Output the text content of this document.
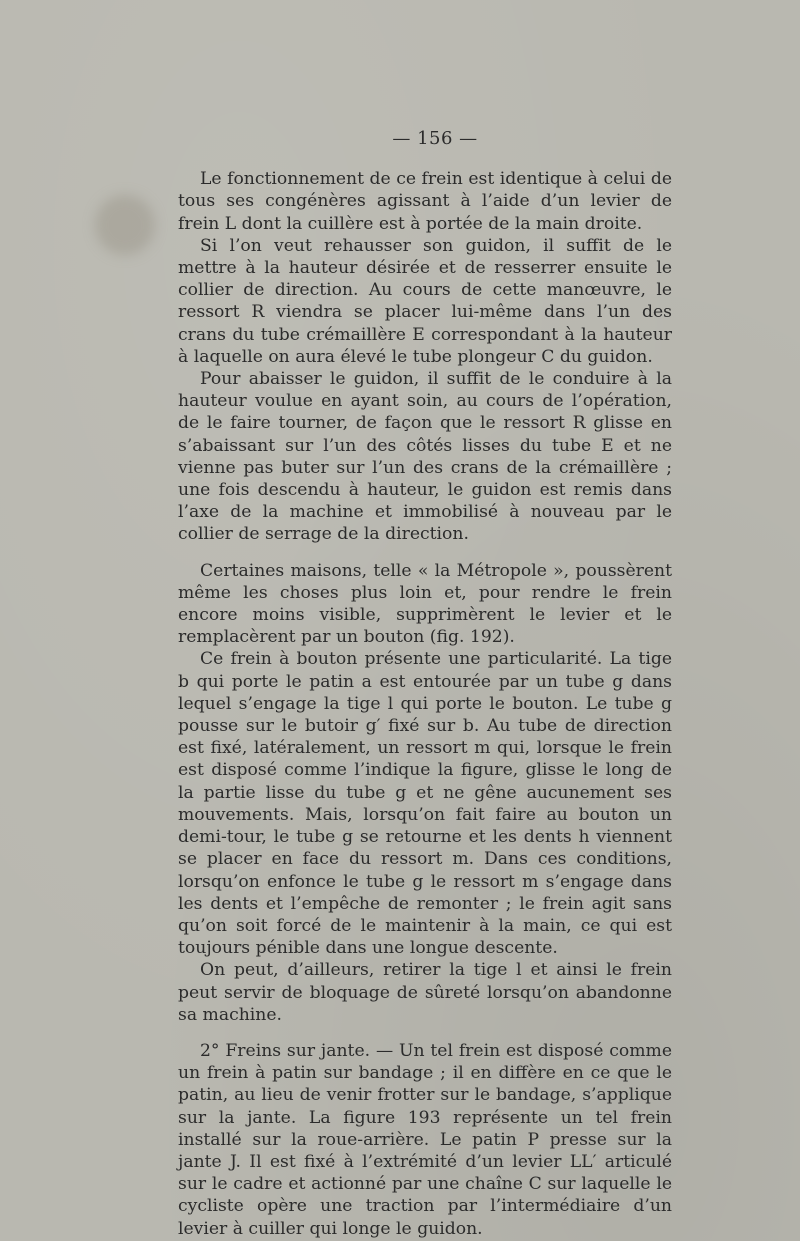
— 156 —

Le fonctionnement de ce frein est identique à celui de tous ses congénères agissant à l’aide d’un levier de frein L dont la cuillère est à portée de la main droite.

Si l’on veut rehausser son guidon, il suffit de le mettre à la hauteur désirée et de resserrer ensuite le collier de direction. Au cours de cette manœuvre, le ressort R viendra se placer lui-même dans l’un des crans du tube crémaillère E correspondant à la hauteur à laquelle on aura élevé le tube plongeur C du guidon.

Pour abaisser le guidon, il suffit de le conduire à la hauteur voulue en ayant soin, au cours de l’opération, de le faire tourner, de façon que le ressort R glisse en s’abaissant sur l’un des côtés lisses du tube E et ne vienne pas buter sur l’un des crans de la crémaillère ; une fois descendu à hauteur, le guidon est remis dans l’axe de la machine et immobilisé à nouveau par le collier de serrage de la direction.

Certaines maisons, telle « la Métropole », poussèrent même les choses plus loin et, pour rendre le frein encore moins visible, supprimèrent le levier et le remplacèrent par un bouton (fig. 192).

Ce frein à bouton présente une particularité. La tige b qui porte le patin a est entourée par un tube g dans lequel s’engage la tige l qui porte le bouton. Le tube g pousse sur le butoir g′ fixé sur b. Au tube de direction est fixé, latéralement, un ressort m qui, lorsque le frein est disposé comme l’indique la figure, glisse le long de la partie lisse du tube g et ne gêne aucunement ses mouvements. Mais, lorsqu’on fait faire au bouton un demi-tour, le tube g se retourne et les dents h viennent se placer en face du ressort m. Dans ces conditions, lorsqu’on enfonce le tube g le ressort m s’engage dans les dents et l’empêche de remonter ; le frein agit sans qu’on soit forcé de le maintenir à la main, ce qui est toujours pénible dans une longue descente.

On peut, d’ailleurs, retirer la tige l et ainsi le frein peut servir de bloquage de sûreté lorsqu’on abandonne sa machine.

2° Freins sur jante. — Un tel frein est disposé comme un frein à patin sur bandage ; il en diffère en ce que le patin, au lieu de venir frotter sur le bandage, s’applique sur la jante. La figure 193 représente un tel frein installé sur la roue-arrière. Le patin P presse sur la jante J. Il est fixé à l’extrémité d’un levier LL′ articulé sur le cadre et actionné par une chaîne C sur laquelle le cycliste opère une traction par l’intermédiaire d’un levier à cuiller qui longe le guidon.
